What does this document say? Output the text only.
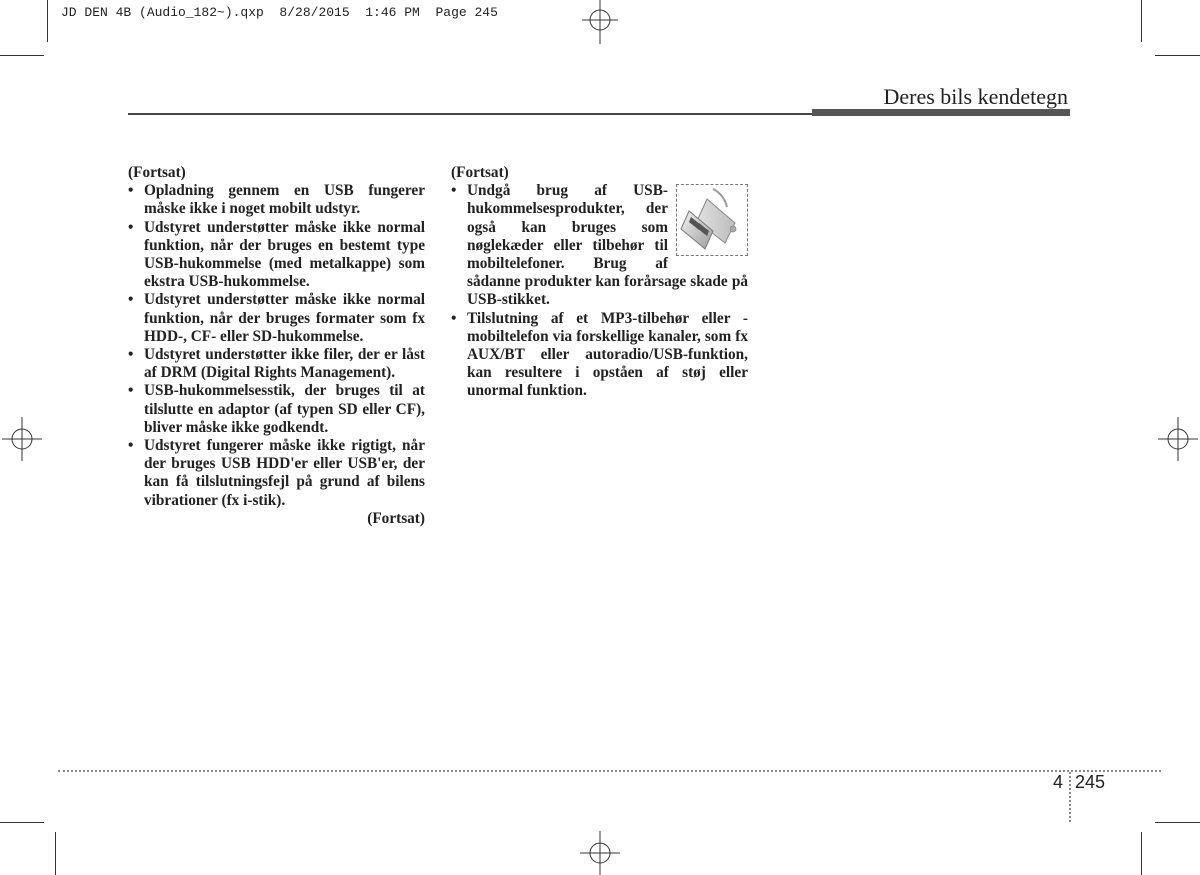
JD DEN 4B (Audio_182~).qxp  8/28/2015  1:46 PM  Page 245
Deres bils kendetegn

(Fortsat)

• Opladning gennem en USB fungerer måske ikke i noget mobilt udstyr.
• Udstyret understøtter måske ikke normal funktion, når der bruges en bestemt type USB-hukommelse (med metalkappe) som ekstra USB-hukommelse.
• Udstyret understøtter måske ikke normal funktion, når der bruges formater som fx HDD-, CF- eller SD-hukommelse.
• Udstyret understøtter ikke filer, der er låst af DRM (Digital Rights Management).
• USB-hukommelsesstik, der bruges til at tilslutte en adaptor (af typen SD eller CF), bliver måske ikke godkendt.
• Udstyret fungerer måske ikke rigtigt, når der bruges USB HDD'er eller USB'er, der kan få tilslutningsfejl på grund af bilens vibrationer (fx i-stik).

(Fortsat)

(Fortsat)

• Undgå brug af USB-hukommelsesprodukter, der også kan bruges som nøglekæder eller tilbehør til mobiltelefoner. Brug af sådanne produkter kan forårsage skade på USB-stikket.
• Tilslutning af et MP3-tilbehør eller -mobiltelefon via forskellige kanaler, som fx AUX/BT eller autoradio/USB-funktion, kan resultere i opståen af støj eller unormal funktion.
4 245
